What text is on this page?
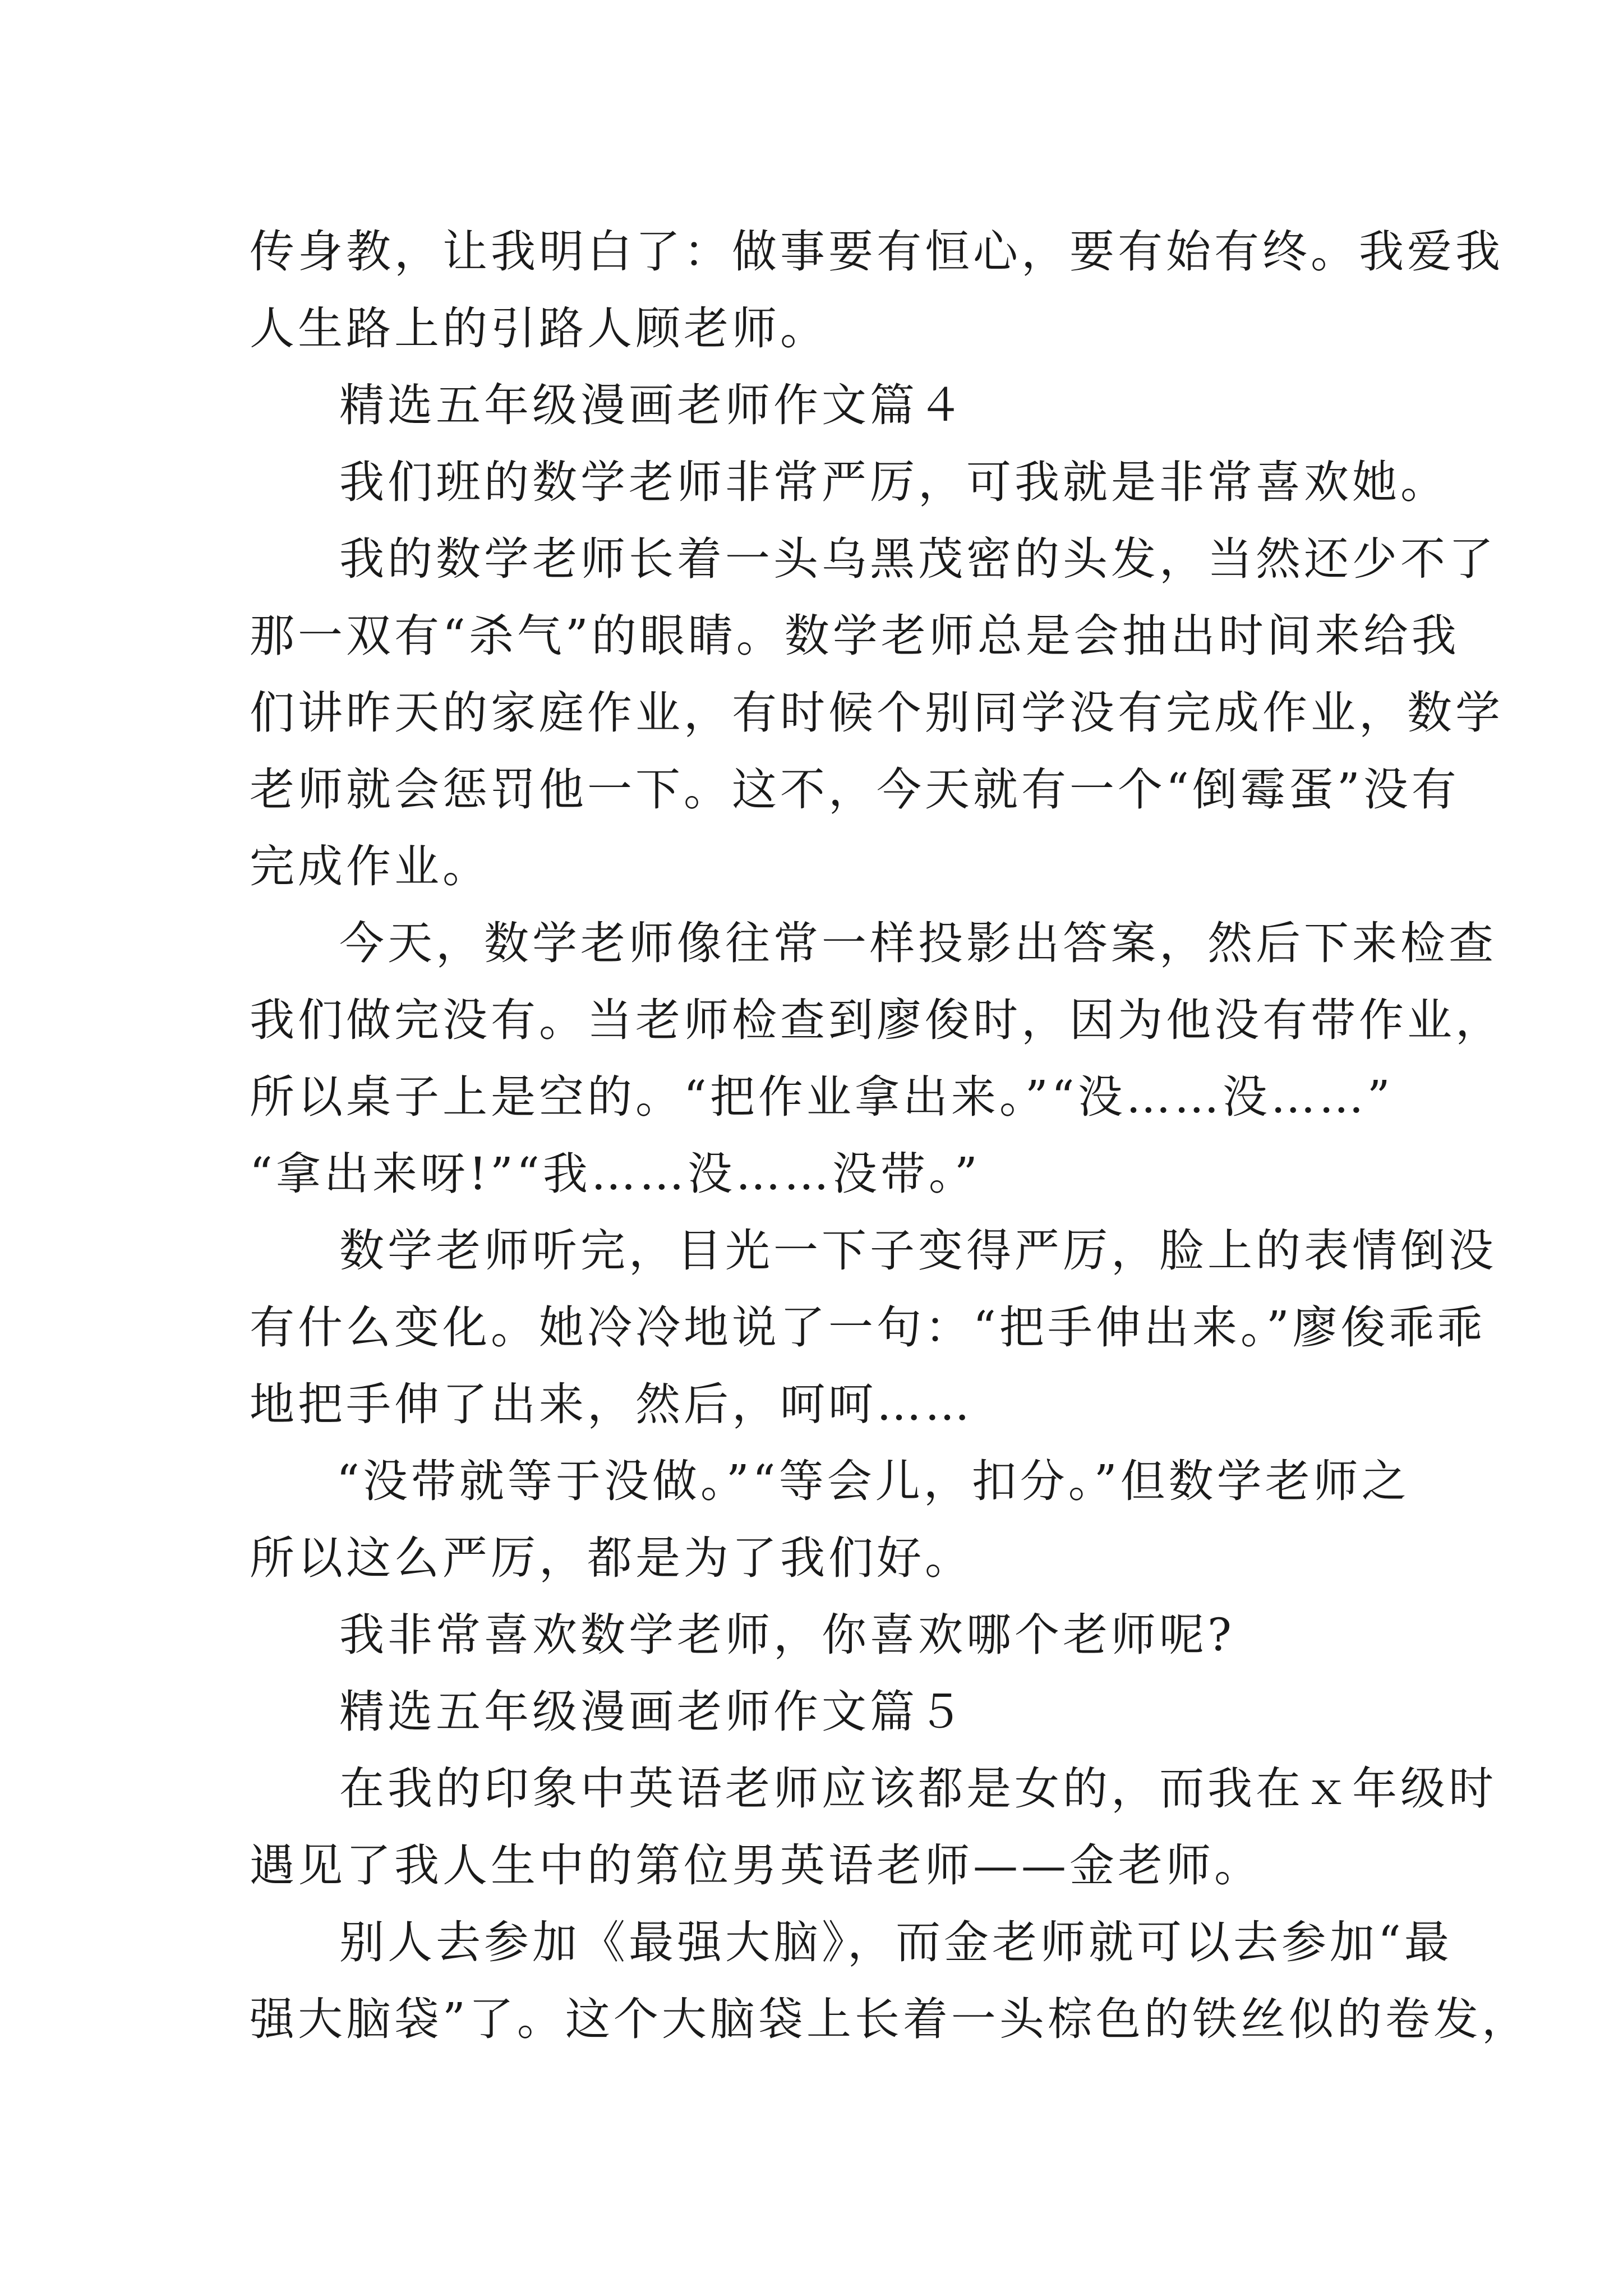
传身教，让我明白了：做事要有恒心，要有始有终。我爱我
人生路上的引路人顾老师。
精选五年级漫画老师作文篇４
我们班的数学老师非常严厉，可我就是非常喜欢她。
我的数学老师长着一头乌黑茂密的头发，当然还少不了
那一双有“杀气”的眼睛。数学老师总是会抽出时间来给我
们讲昨天的家庭作业，有时候个别同学没有完成作业，数学
老师就会惩罚他一下。这不，今天就有一个“倒霉蛋”没有
完成作业。
今天，数学老师像往常一样投影出答案，然后下来检查
我们做完没有。当老师检查到廖俊时，因为他没有带作业，
所以桌子上是空的。“把作业拿出来。”“没……没……”
“拿出来呀!”“我……没……没带。”
数学老师听完，目光一下子变得严厉，脸上的表情倒没
有什么变化。她冷冷地说了一句：“把手伸出来。”廖俊乖乖
地把手伸了出来，然后，呵呵……
“没带就等于没做。”“等会儿，扣分。”但数学老师之
所以这么严厉，都是为了我们好。
我非常喜欢数学老师，你喜欢哪个老师呢?
精选五年级漫画老师作文篇５
在我的印象中英语老师应该都是女的，而我在ｘ年级时
遇见了我人生中的第位男英语老师——金老师。
别人去参加《最强大脑》，而金老师就可以去参加“最
强大脑袋”了。这个大脑袋上长着一头棕色的铁丝似的卷发，
